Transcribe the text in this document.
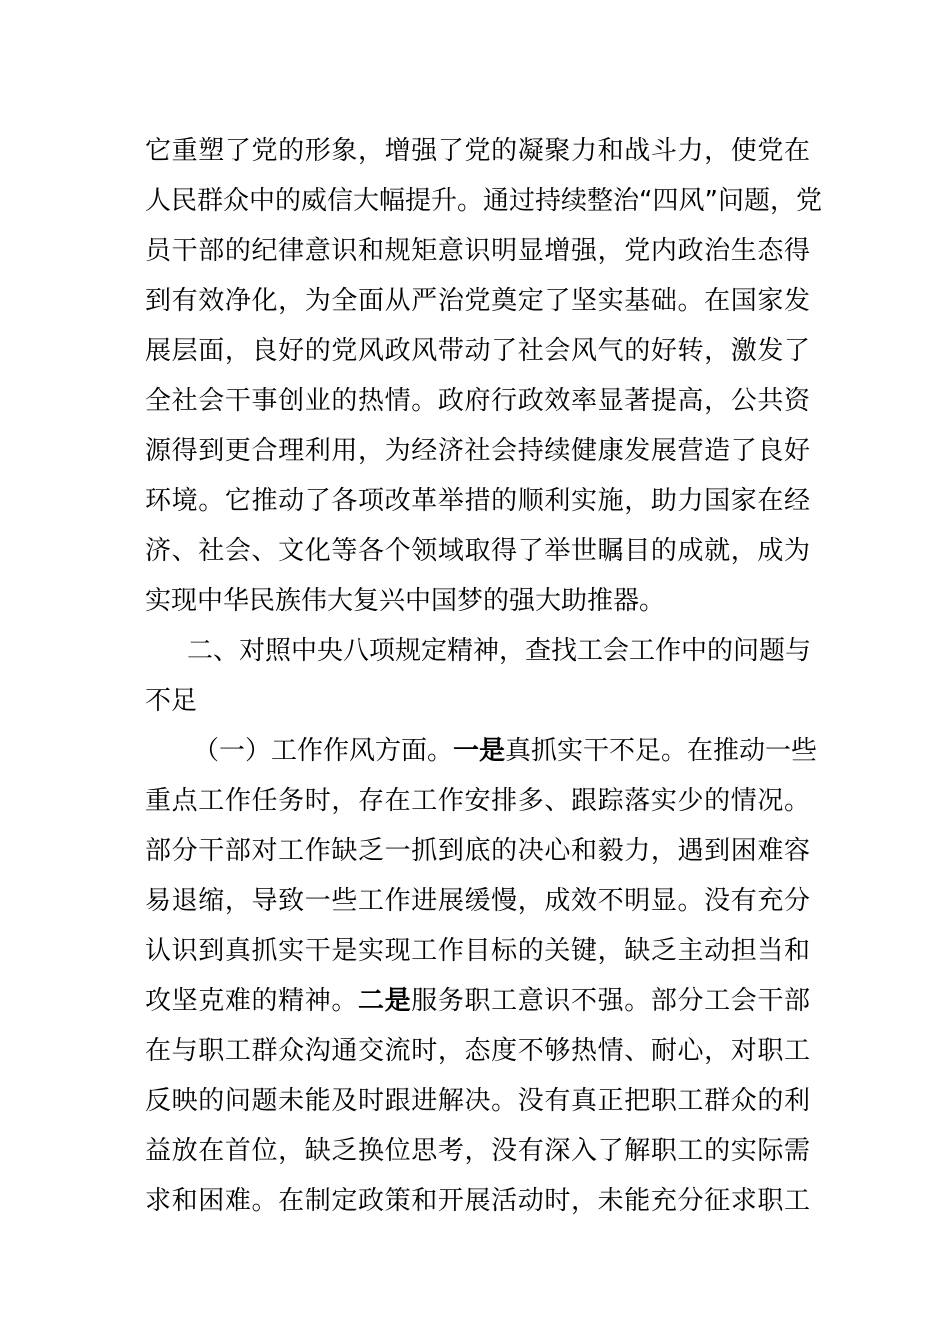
它重塑了党的形象，增强了党的凝聚力和战斗力，使党在
人民群众中的威信大幅提升。通过持续整治“四风”问题，党
员干部的纪律意识和规矩意识明显增强，党内政治生态得
到有效净化，为全面从严治党奠定了坚实基础。在国家发
展层面，良好的党风政风带动了社会风气的好转，激发了
全社会干事创业的热情。政府行政效率显著提高，公共资
源得到更合理利用，为经济社会持续健康发展营造了良好
环境。它推动了各项改革举措的顺利实施，助力国家在经
济、社会、文化等各个领域取得了举世瞩目的成就，成为
实现中华民族伟大复兴中国梦的强大助推器。
二、对照中央八项规定精神，查找工会工作中的问题与
不足
（一）工作作风方面。一是真抓实干不足。在推动一些
重点工作任务时，存在工作安排多、跟踪落实少的情况。
部分干部对工作缺乏一抓到底的决心和毅力，遇到困难容
易退缩，导致一些工作进展缓慢，成效不明显。没有充分
认识到真抓实干是实现工作目标的关键，缺乏主动担当和
攻坚克难的精神。二是服务职工意识不强。部分工会干部
在与职工群众沟通交流时，态度不够热情、耐心，对职工
反映的问题未能及时跟进解决。没有真正把职工群众的利
益放在首位，缺乏换位思考，没有深入了解职工的实际需
求和困难。在制定政策和开展活动时，未能充分征求职工
